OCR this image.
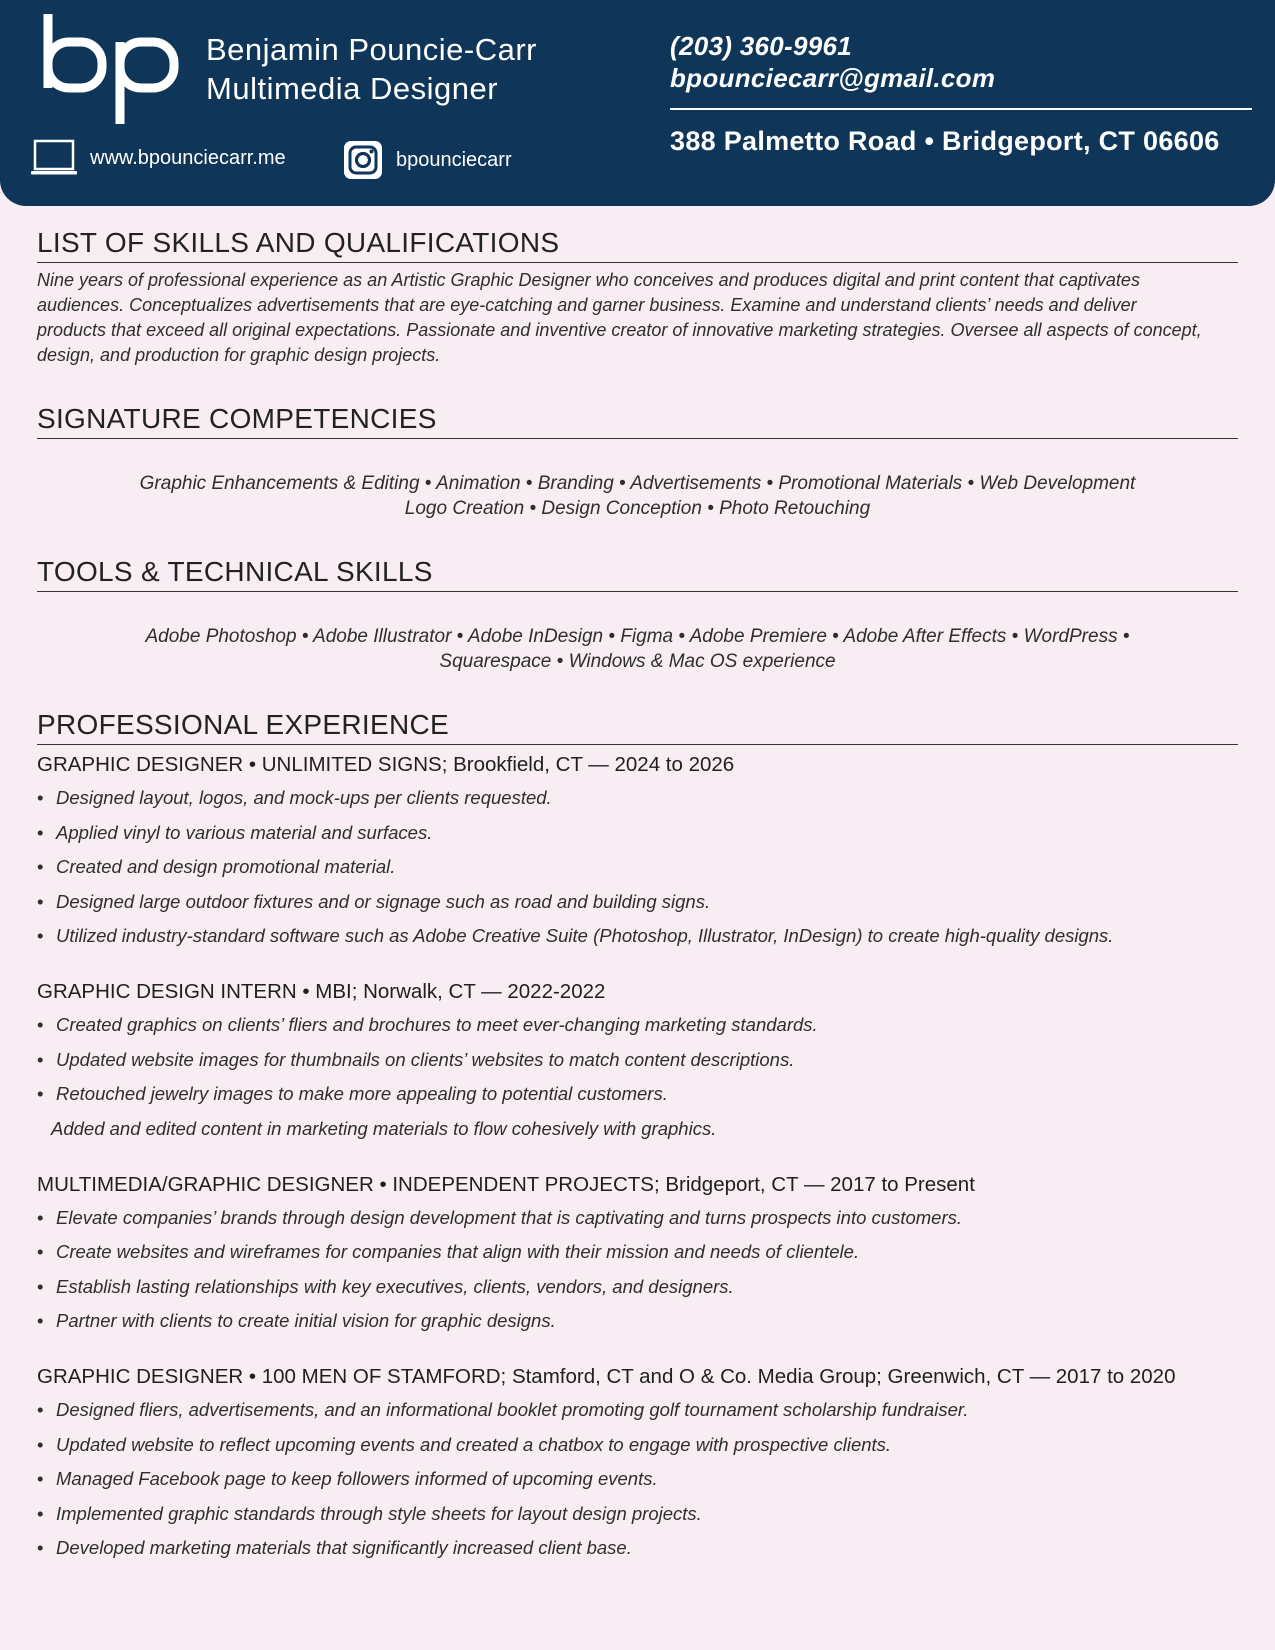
Benjamin Pouncie-Carr
Multimedia Designer
www.bpounciecarr.me	bpounciecarr
(203) 360-9961
bpounciecarr@gmail.com
388 Palmetto Road • Bridgeport, CT 06606
LIST OF SKILLS AND QUALIFICATIONS

Nine years of professional experience as an Artistic Graphic Designer who conceives and produces digital and print content that captivates audiences. Conceptualizes advertisements that are eye-catching and garner business. Examine and understand clients’ needs and deliver products that exceed all original expectations. Passionate and inventive creator of innovative marketing strategies. Oversee all aspects of concept, design, and production for graphic design projects.

SIGNATURE COMPETENCIES
Graphic Enhancements & Editing • Animation • Branding • Advertisements • Promotional Materials • Web Development
Logo Creation • Design Conception • Photo Retouching
TOOLS & TECHNICAL SKILLS
Adobe Photoshop • Adobe Illustrator • Adobe InDesign • Figma • Adobe Premiere • Adobe After Effects • WordPress •
Squarespace • Windows & Mac OS experience
PROFESSIONAL EXPERIENCE
GRAPHIC DESIGNER • UNLIMITED SIGNS; Brookfield, CT — 2024 to 2026
• Designed layout, logos, and mock-ups per clients requested.
• Applied vinyl to various material and surfaces.
• Created and design promotional material.
• Designed large outdoor fixtures and or signage such as road and building signs.
• Utilized industry-standard software such as Adobe Creative Suite (Photoshop, Illustrator, InDesign) to create high-quality designs.
GRAPHIC DESIGN INTERN • MBI; Norwalk, CT — 2022-2022
• Created graphics on clients’ fliers and brochures to meet ever-changing marketing standards.
• Updated website images for thumbnails on clients’ websites to match content descriptions.
• Retouched jewelry images to make more appealing to potential customers.
Added and edited content in marketing materials to flow cohesively with graphics.
MULTIMEDIA/GRAPHIC DESIGNER • INDEPENDENT PROJECTS; Bridgeport, CT — 2017 to Present
• Elevate companies’ brands through design development that is captivating and turns prospects into customers.
• Create websites and wireframes for companies that align with their mission and needs of clientele.
• Establish lasting relationships with key executives, clients, vendors, and designers.
• Partner with clients to create initial vision for graphic designs.
GRAPHIC DESIGNER • 100 MEN OF STAMFORD; Stamford, CT and O & Co. Media Group; Greenwich, CT — 2017 to 2020
• Designed fliers, advertisements, and an informational booklet promoting golf tournament scholarship fundraiser.
• Updated website to reflect upcoming events and created a chatbox to engage with prospective clients.
• Managed Facebook page to keep followers informed of upcoming events.
• Implemented graphic standards through style sheets for layout design projects.
• Developed marketing materials that significantly increased client base.
